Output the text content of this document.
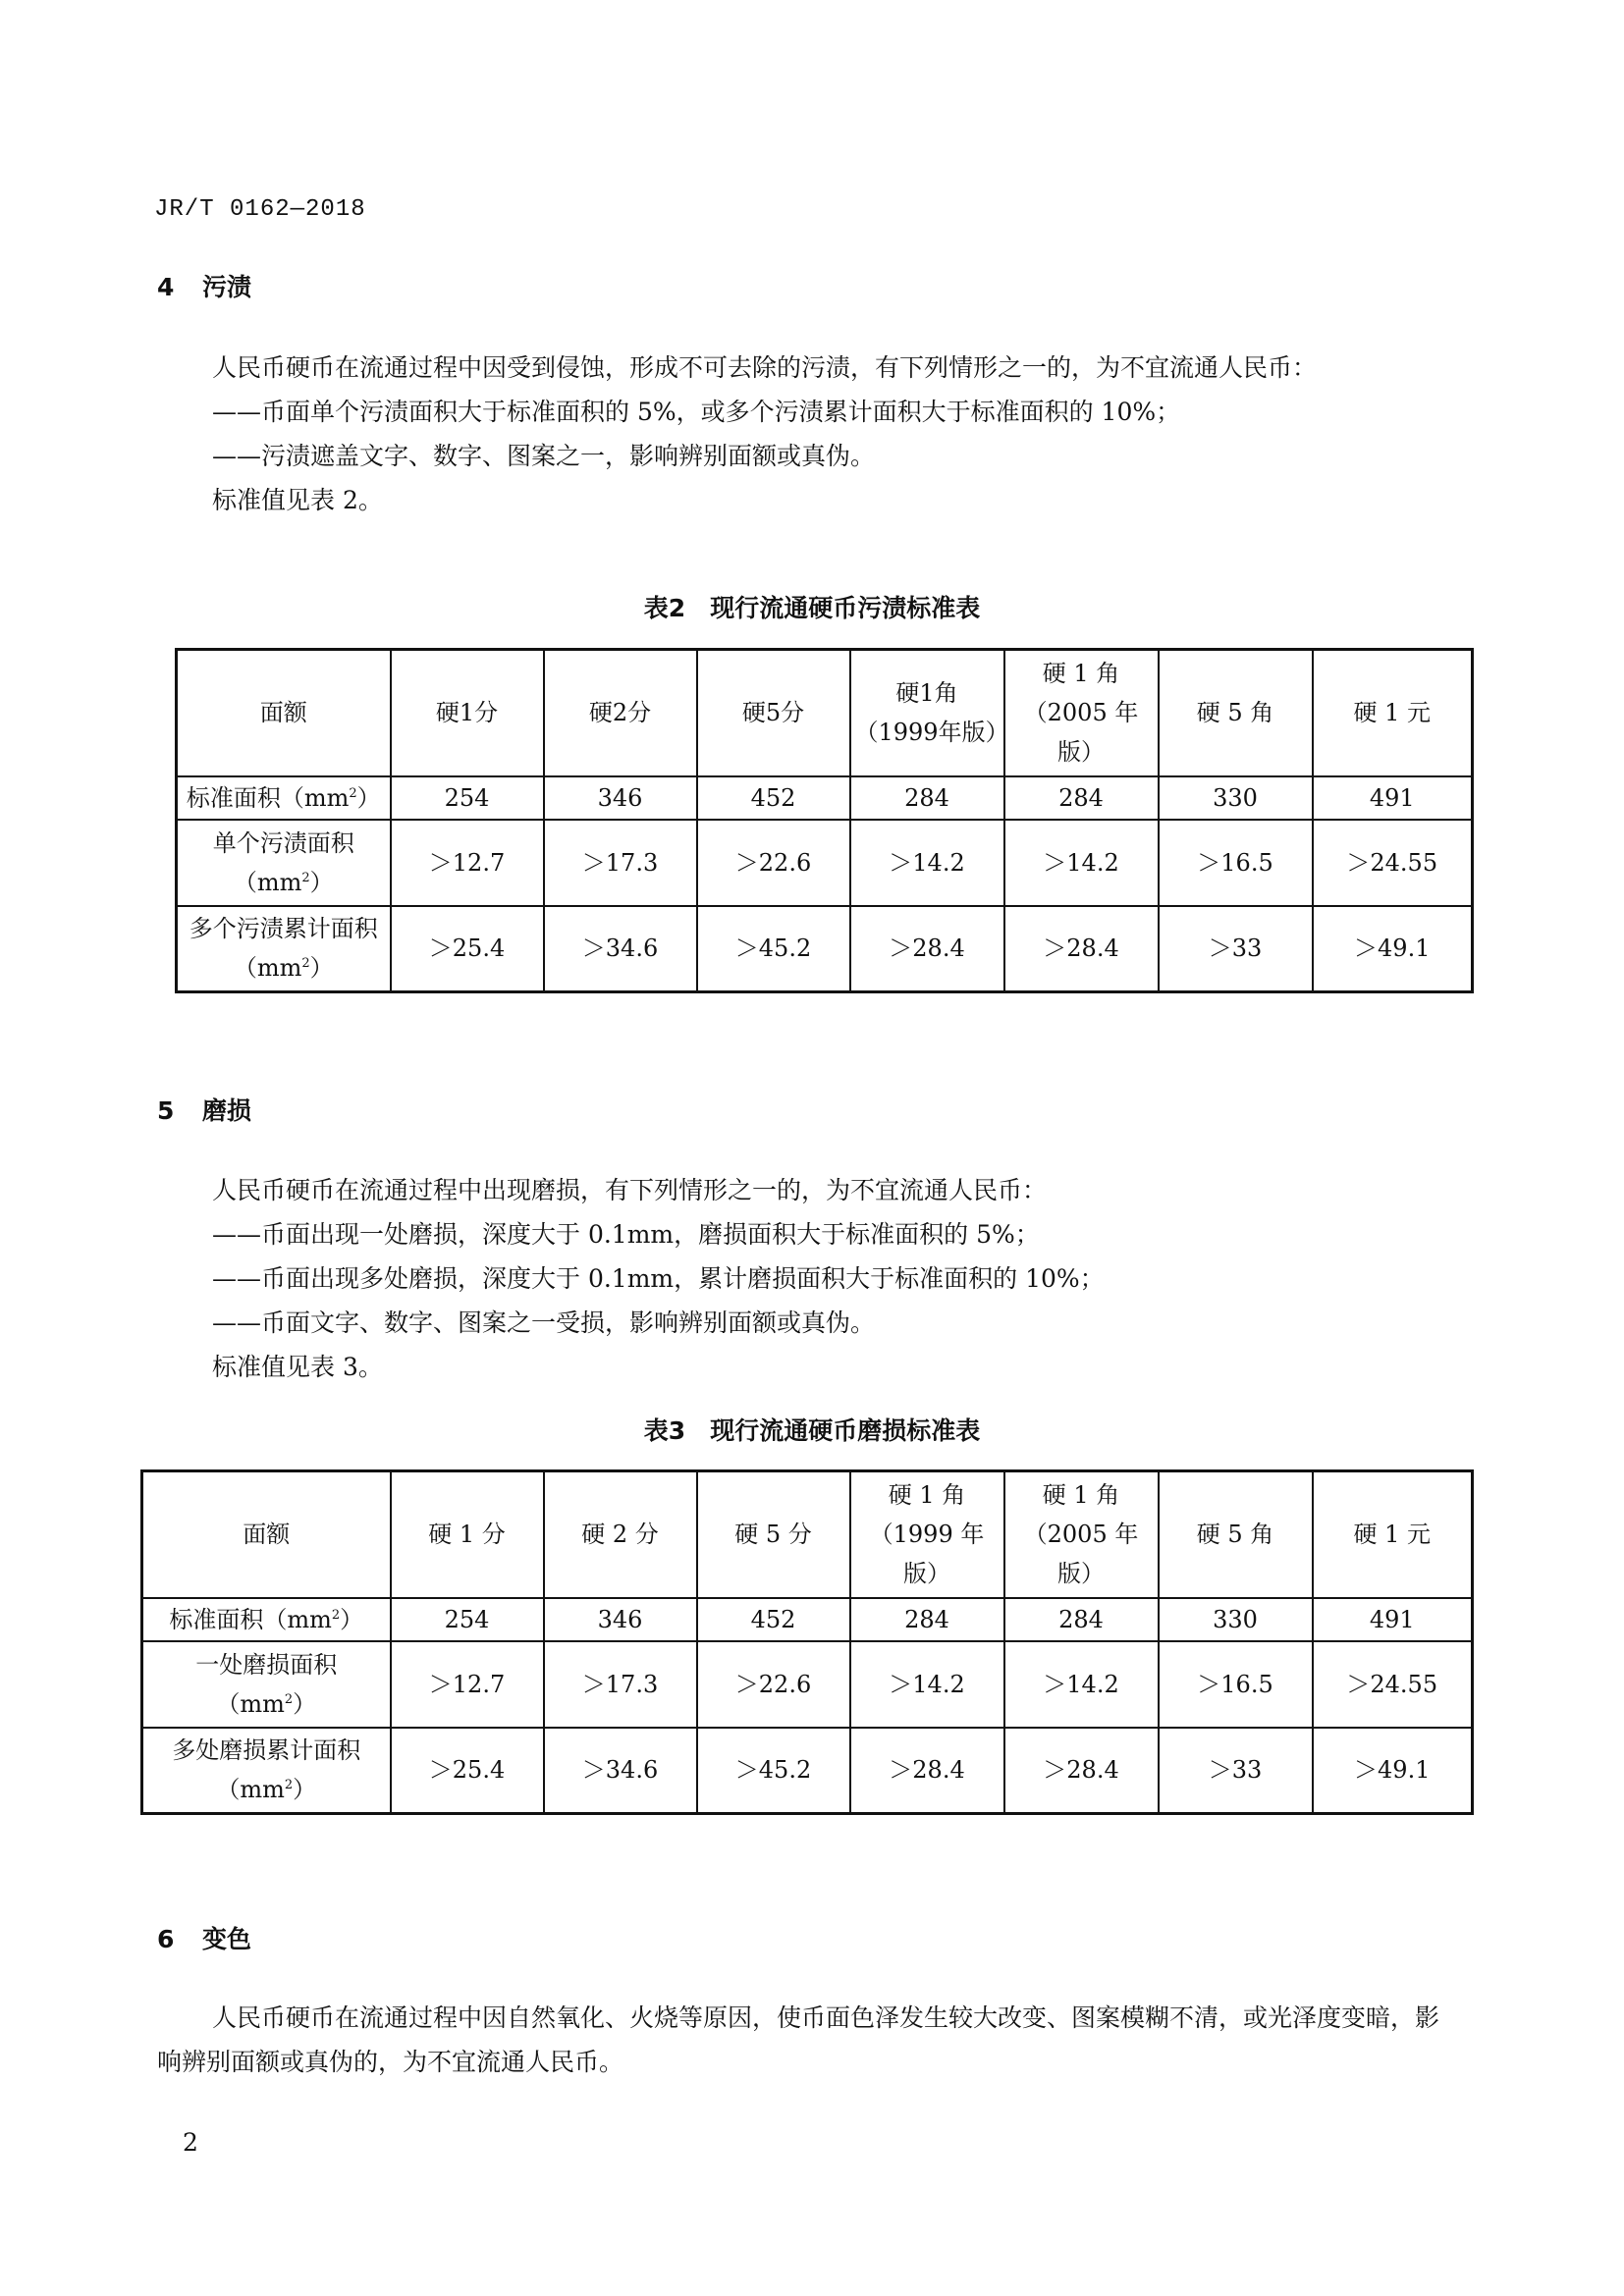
JR/T 0162—2018
4 污渍

人民币硬币在流通过程中因受到侵蚀，形成不可去除的污渍，有下列情形之一的，为不宜流通人民币：

——币面单个污渍面积大于标准面积的 5%，或多个污渍累计面积大于标准面积的 10%；

——污渍遮盖文字、数字、图案之一，影响辨别面额或真伪。

标准值见表 2。

表2　现行流通硬币污渍标准表
面额	硬1分	硬2分	硬5分	硬1角（1999年版）	硬 1 角（2005 年版）	硬 5 角	硬 1 元
标准面积$(mm^2)$	254	346	452	284	284	330	491
单个污渍面积$(mm^2)$	＞12.7	＞17.3	＞22.6	＞14.2	＞14.2	＞16.5	＞24.55
多个污渍累计面积$(mm^2)$	＞25.4	＞34.6	＞45.2	＞28.4	＞28.4	＞33	＞49.1
5 磨损

人民币硬币在流通过程中出现磨损，有下列情形之一的，为不宜流通人民币：

——币面出现一处磨损，深度大于 0.1mm，磨损面积大于标准面积的 5%；

——币面出现多处磨损，深度大于 0.1mm，累计磨损面积大于标准面积的 10%；

——币面文字、数字、图案之一受损，影响辨别面额或真伪。

标准值见表 3。

表3　现行流通硬币磨损标准表
面额	硬 1 分	硬 2 分	硬 5 分	硬 1 角（1999 年版）	硬 1 角（2005 年版）	硬 5 角	硬 1 元
标准面积$(mm^2)$	254	346	452	284	284	330	491
一处磨损面积$(mm^2)$	＞12.7	＞17.3	＞22.6	＞14.2	＞14.2	＞16.5	＞24.55
多处磨损累计面积$(mm^2)$	＞25.4	＞34.6	＞45.2	＞28.4	＞28.4	＞33	＞49.1
6 变色

人民币硬币在流通过程中因自然氧化、火烧等原因，使币面色泽发生较大改变、图案模糊不清，或光泽度变暗，影响辨别面额或真伪的，为不宜流通人民币。

2
